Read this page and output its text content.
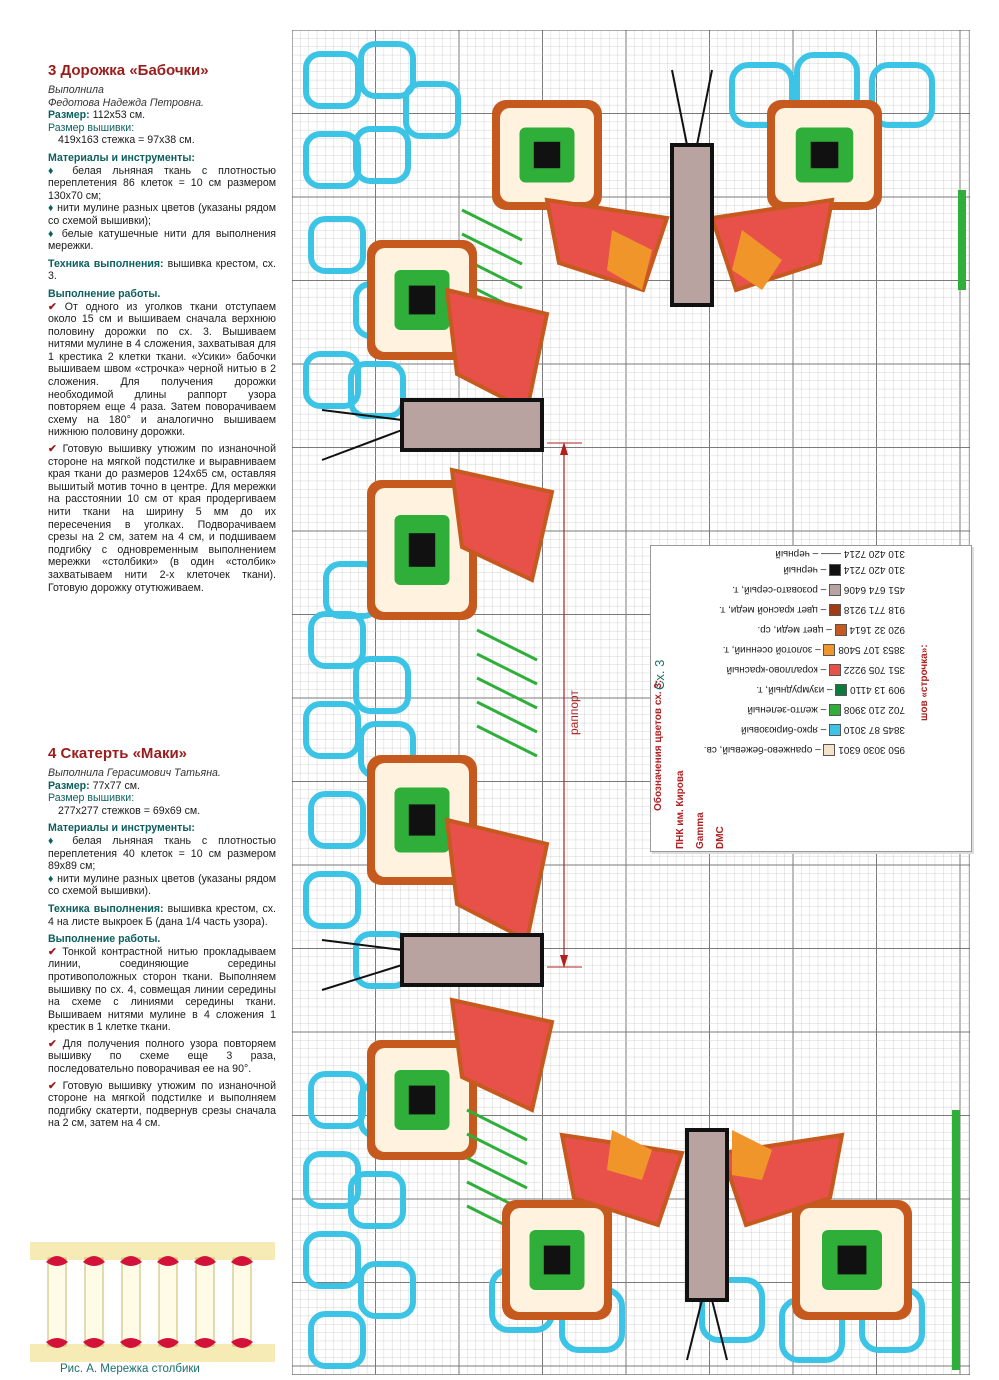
3 Дорожка «Бабочки»
Выполнила
Федотова Надежда Петровна.
Размер: 112x53 см.
Размер вышивки:
419x163 стежка = 97x38 см.
Материалы и инструменты:
♦ белая льняная ткань с плотностью переплетения 86 клеток = 10 см размером 130x70 см;
♦ нити мулине разных цветов (указаны рядом со схемой вышивки);
♦ белые катушечные нити для выполнения мережки.
Техника выполнения: вышивка крестом, сх. 3.
Выполнение работы.
✔ От одного из уголков ткани отступаем около 15 см и вышиваем сначала верхнюю половину дорожки по сх. 3. Вышиваем нитями мулине в 4 сложения, захватывая для 1 крестика 2 клетки ткани. «Усики» бабочки вышиваем швом «строчка» черной нитью в 2 сложения. Для получения дорожки необходимой длины раппорт узора повторяем еще 4 раза. Затем поворачиваем схему на 180° и аналогично вышиваем нижнюю половину дорожки.
✔ Готовую вышивку утюжим по изнаночной стороне на мягкой подстилке и выравниваем края ткани до размеров 124x65 см, оставляя вышитый мотив точно в центре. Для мережки на расстоянии 10 см от края продергиваем нити ткани на ширину 5 мм до их пересечения в уголках. Подворачиваем срезы на 2 см, затем на 4 см, и подшиваем подгибку с одновременным выполнением мережки «столбики» (в один «столбик» захватываем нити 2-х клеточек ткани). Готовую дорожку отутюживаем.
4 Скатерть «Маки»
Выполнила Герасимович Татьяна.
Размер: 77x77 см.
Размер вышивки:
277x277 стежков = 69x69 см.
Материалы и инструменты:
♦ белая льняная ткань с плотностью переплетения 40 клеток = 10 см размером 89x89 см;
♦ нити мулине разных цветов (указаны рядом со схемой вышивки).
Техника выполнения: вышивка крестом, сх. 4 на листе выкроек Б (дана 1/4 часть узора).
Выполнение работы.
✔ Тонкой контрастной нитью прокладываем линии, соединяющие середины противоположных сторон ткани. Выполняем вышивку по сх. 4, совмещая линии середины на схеме с линиями середины ткани. Вышиваем нитями мулине в 4 сложения 1 крестик в 1 клетке ткани.
✔ Для получения полного узора повторяем вышивку по схеме еще 3 раза, последовательно поворачивая ее на 90°.
✔ Готовую вышивку утюжим по изнаночной стороне на мягкой подстилке и выполняем подгибку скатерти, подвернув срезы сначала на 2 см, затем на 4 см.
Рис. А. Мережка столбики
раппорт	Обозначения цветов сх. 3: ПНК им. Кирова Gamma DMC
950 3030 6301  – оранжево-бежевый, св.
3845 87 3010  – ярко-бирюзовый
702 210 3908  – желто-зеленый
909 13 4110  – изумрудный, т.
351 705 9222  – кораллово-красный
3853 107 5408  – золотой осенний, т.
920 32 1614  – цвет меди, ср.
918 771 9218  – цвет красной меди, т.
451 674 6406  – розовато-серый, т.
310 420 7214  – черный
310 420 7214 —— – черный
шов «строчка»:
Сх. 3
